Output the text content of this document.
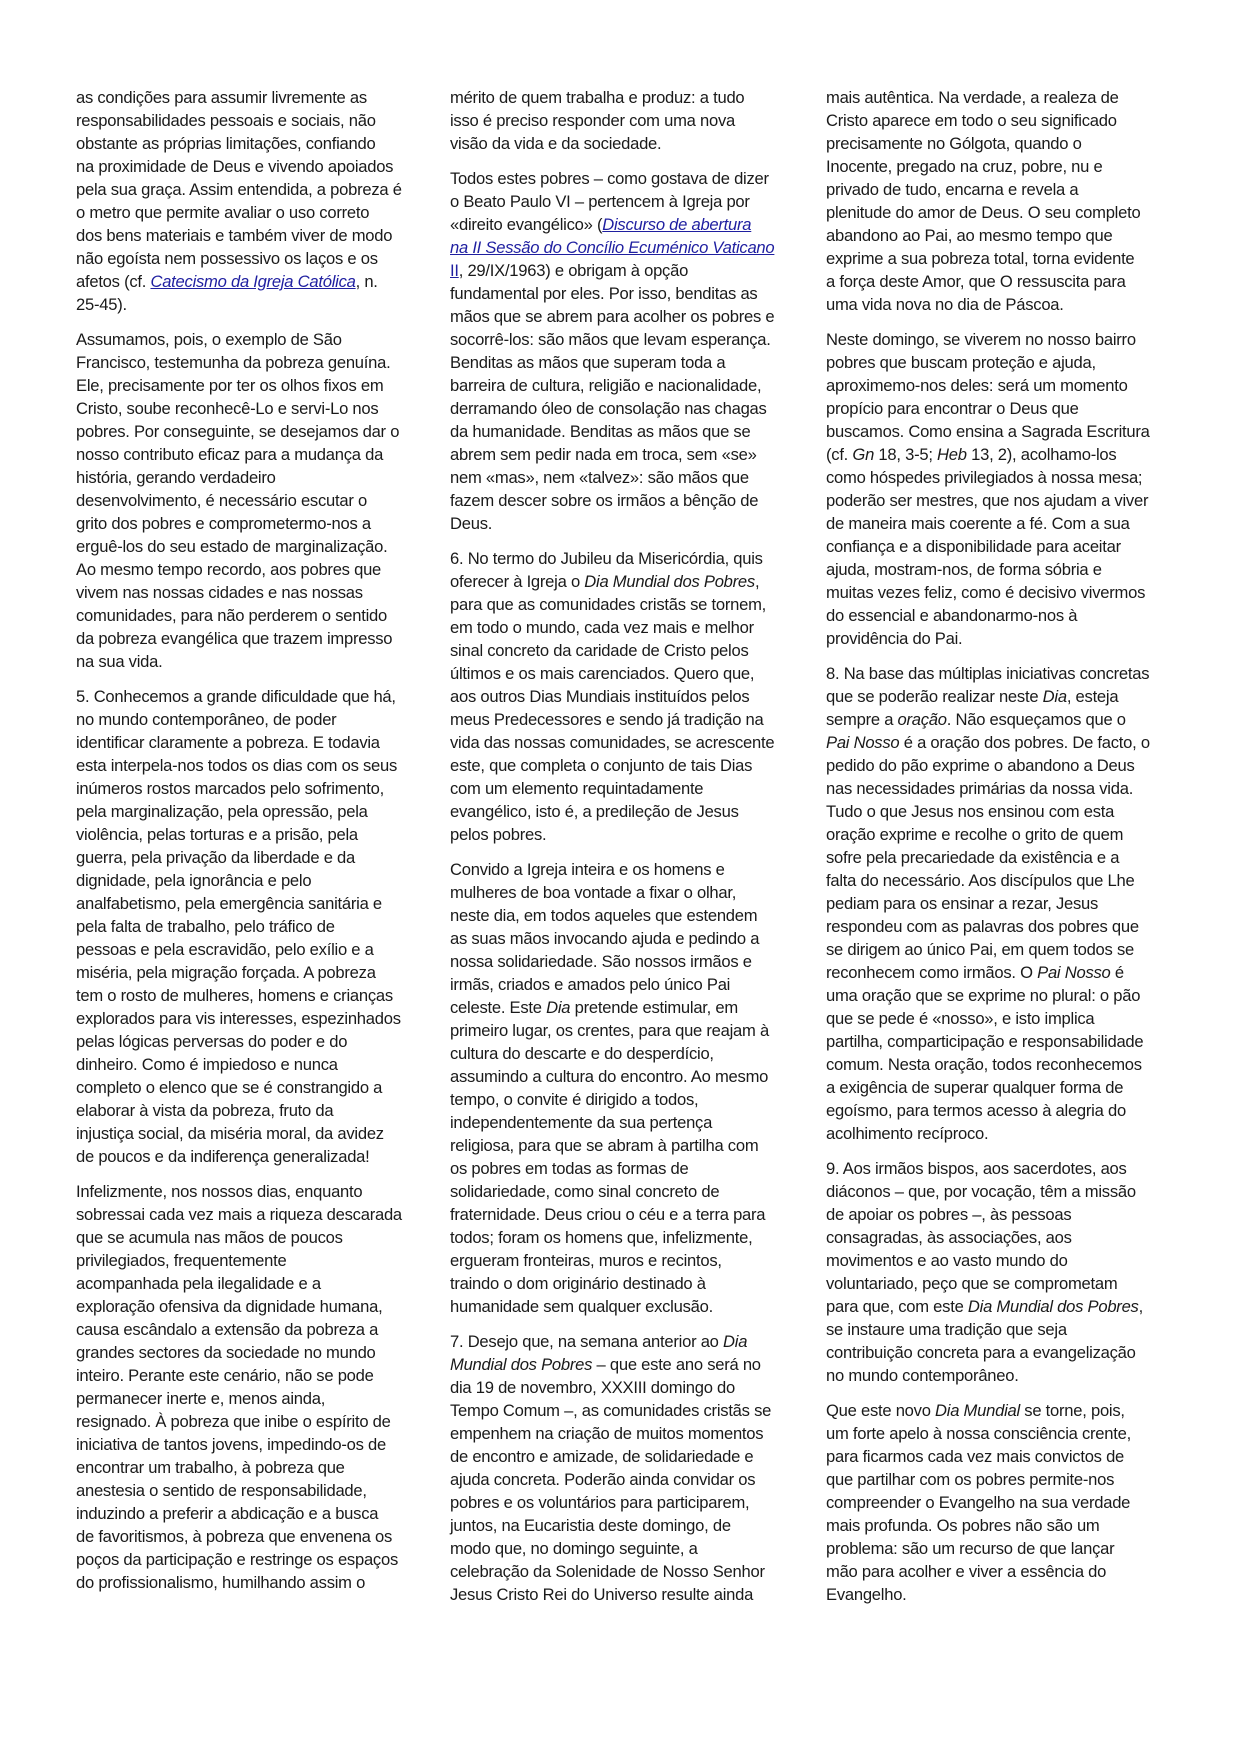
as condições para assumir livremente as
responsabilidades pessoais e sociais, não
obstante as próprias limitações, confiando
na proximidade de Deus e vivendo apoiados
pela sua graça. Assim entendida, a pobreza é
o metro que permite avaliar o uso correto
dos bens materiais e também viver de modo
não egoísta nem possessivo os laços e os
afetos (cf. Catecismo da Igreja Católica, n.
25-45).

Assumamos, pois, o exemplo de São
Francisco, testemunha da pobreza genuína.
Ele, precisamente por ter os olhos fixos em
Cristo, soube reconhecê-Lo e servi-Lo nos
pobres. Por conseguinte, se desejamos dar o
nosso contributo eficaz para a mudança da
história, gerando verdadeiro
desenvolvimento, é necessário escutar o
grito dos pobres e comprometermo-nos a
erguê-los do seu estado de marginalização.
Ao mesmo tempo recordo, aos pobres que
vivem nas nossas cidades e nas nossas
comunidades, para não perderem o sentido
da pobreza evangélica que trazem impresso
na sua vida.

5. Conhecemos a grande dificuldade que há,
no mundo contemporâneo, de poder
identificar claramente a pobreza. E todavia
esta interpela-nos todos os dias com os seus
inúmeros rostos marcados pelo sofrimento,
pela marginalização, pela opressão, pela
violência, pelas torturas e a prisão, pela
guerra, pela privação da liberdade e da
dignidade, pela ignorância e pelo
analfabetismo, pela emergência sanitária e
pela falta de trabalho, pelo tráfico de
pessoas e pela escravidão, pelo exílio e a
miséria, pela migração forçada. A pobreza
tem o rosto de mulheres, homens e crianças
explorados para vis interesses, espezinhados
pelas lógicas perversas do poder e do
dinheiro. Como é impiedoso e nunca
completo o elenco que se é constrangido a
elaborar à vista da pobreza, fruto da
injustiça social, da miséria moral, da avidez
de poucos e da indiferença generalizada!

Infelizmente, nos nossos dias, enquanto
sobressai cada vez mais a riqueza descarada
que se acumula nas mãos de poucos
privilegiados, frequentemente
acompanhada pela ilegalidade e a
exploração ofensiva da dignidade humana,
causa escândalo a extensão da pobreza a
grandes sectores da sociedade no mundo
inteiro. Perante este cenário, não se pode
permanecer inerte e, menos ainda,
resignado. À pobreza que inibe o espírito de
iniciativa de tantos jovens, impedindo-os de
encontrar um trabalho, à pobreza que
anestesia o sentido de responsabilidade,
induzindo a preferir a abdicação e a busca
de favoritismos, à pobreza que envenena os
poços da participação e restringe os espaços
do profissionalismo, humilhando assim o

mérito de quem trabalha e produz: a tudo
isso é preciso responder com uma nova
visão da vida e da sociedade.

Todos estes pobres – como gostava de dizer
o Beato Paulo VI – pertencem à Igreja por
«direito evangélico» (Discurso de abertura
na II Sessão do Concílio Ecuménico Vaticano
II, 29/IX/1963) e obrigam à opção
fundamental por eles. Por isso, benditas as
mãos que se abrem para acolher os pobres e
socorrê-los: são mãos que levam esperança.
Benditas as mãos que superam toda a
barreira de cultura, religião e nacionalidade,
derramando óleo de consolação nas chagas
da humanidade. Benditas as mãos que se
abrem sem pedir nada em troca, sem «se»
nem «mas», nem «talvez»: são mãos que
fazem descer sobre os irmãos a bênção de
Deus.

6. No termo do Jubileu da Misericórdia, quis
oferecer à Igreja o Dia Mundial dos Pobres,
para que as comunidades cristãs se tornem,
em todo o mundo, cada vez mais e melhor
sinal concreto da caridade de Cristo pelos
últimos e os mais carenciados. Quero que,
aos outros Dias Mundiais instituídos pelos
meus Predecessores e sendo já tradição na
vida das nossas comunidades, se acrescente
este, que completa o conjunto de tais Dias
com um elemento requintadamente
evangélico, isto é, a predileção de Jesus
pelos pobres.

Convido a Igreja inteira e os homens e
mulheres de boa vontade a fixar o olhar,
neste dia, em todos aqueles que estendem
as suas mãos invocando ajuda e pedindo a
nossa solidariedade. São nossos irmãos e
irmãs, criados e amados pelo único Pai
celeste. Este Dia pretende estimular, em
primeiro lugar, os crentes, para que reajam à
cultura do descarte e do desperdício,
assumindo a cultura do encontro. Ao mesmo
tempo, o convite é dirigido a todos,
independentemente da sua pertença
religiosa, para que se abram à partilha com
os pobres em todas as formas de
solidariedade, como sinal concreto de
fraternidade. Deus criou o céu e a terra para
todos; foram os homens que, infelizmente,
ergueram fronteiras, muros e recintos,
traindo o dom originário destinado à
humanidade sem qualquer exclusão.

7. Desejo que, na semana anterior ao Dia
Mundial dos Pobres – que este ano será no
dia 19 de novembro, XXXIII domingo do
Tempo Comum –, as comunidades cristãs se
empenhem na criação de muitos momentos
de encontro e amizade, de solidariedade e
ajuda concreta. Poderão ainda convidar os
pobres e os voluntários para participarem,
juntos, na Eucaristia deste domingo, de
modo que, no domingo seguinte, a
celebração da Solenidade de Nosso Senhor
Jesus Cristo Rei do Universo resulte ainda

mais autêntica. Na verdade, a realeza de
Cristo aparece em todo o seu significado
precisamente no Gólgota, quando o
Inocente, pregado na cruz, pobre, nu e
privado de tudo, encarna e revela a
plenitude do amor de Deus. O seu completo
abandono ao Pai, ao mesmo tempo que
exprime a sua pobreza total, torna evidente
a força deste Amor, que O ressuscita para
uma vida nova no dia de Páscoa.

Neste domingo, se viverem no nosso bairro
pobres que buscam proteção e ajuda,
aproximemo-nos deles: será um momento
propício para encontrar o Deus que
buscamos. Como ensina a Sagrada Escritura
(cf. Gn 18, 3-5; Heb 13, 2), acolhamo-los
como hóspedes privilegiados à nossa mesa;
poderão ser mestres, que nos ajudam a viver
de maneira mais coerente a fé. Com a sua
confiança e a disponibilidade para aceitar
ajuda, mostram-nos, de forma sóbria e
muitas vezes feliz, como é decisivo vivermos
do essencial e abandonarmo-nos à
providência do Pai.

8. Na base das múltiplas iniciativas concretas
que se poderão realizar neste Dia, esteja
sempre a oração. Não esqueçamos que o
Pai Nosso é a oração dos pobres. De facto, o
pedido do pão exprime o abandono a Deus
nas necessidades primárias da nossa vida.
Tudo o que Jesus nos ensinou com esta
oração exprime e recolhe o grito de quem
sofre pela precariedade da existência e a
falta do necessário. Aos discípulos que Lhe
pediam para os ensinar a rezar, Jesus
respondeu com as palavras dos pobres que
se dirigem ao único Pai, em quem todos se
reconhecem como irmãos. O Pai Nosso é
uma oração que se exprime no plural: o pão
que se pede é «nosso», e isto implica
partilha, comparticipação e responsabilidade
comum. Nesta oração, todos reconhecemos
a exigência de superar qualquer forma de
egoísmo, para termos acesso à alegria do
acolhimento recíproco.

9. Aos irmãos bispos, aos sacerdotes, aos
diáconos – que, por vocação, têm a missão
de apoiar os pobres –, às pessoas
consagradas, às associações, aos
movimentos e ao vasto mundo do
voluntariado, peço que se comprometam
para que, com este Dia Mundial dos Pobres,
se instaure uma tradição que seja
contribuição concreta para a evangelização
no mundo contemporâneo.

Que este novo Dia Mundial se torne, pois,
um forte apelo à nossa consciência crente,
para ficarmos cada vez mais convictos de
que partilhar com os pobres permite-nos
compreender o Evangelho na sua verdade
mais profunda. Os pobres não são um
problema: são um recurso de que lançar
mão para acolher e viver a essência do
Evangelho.
